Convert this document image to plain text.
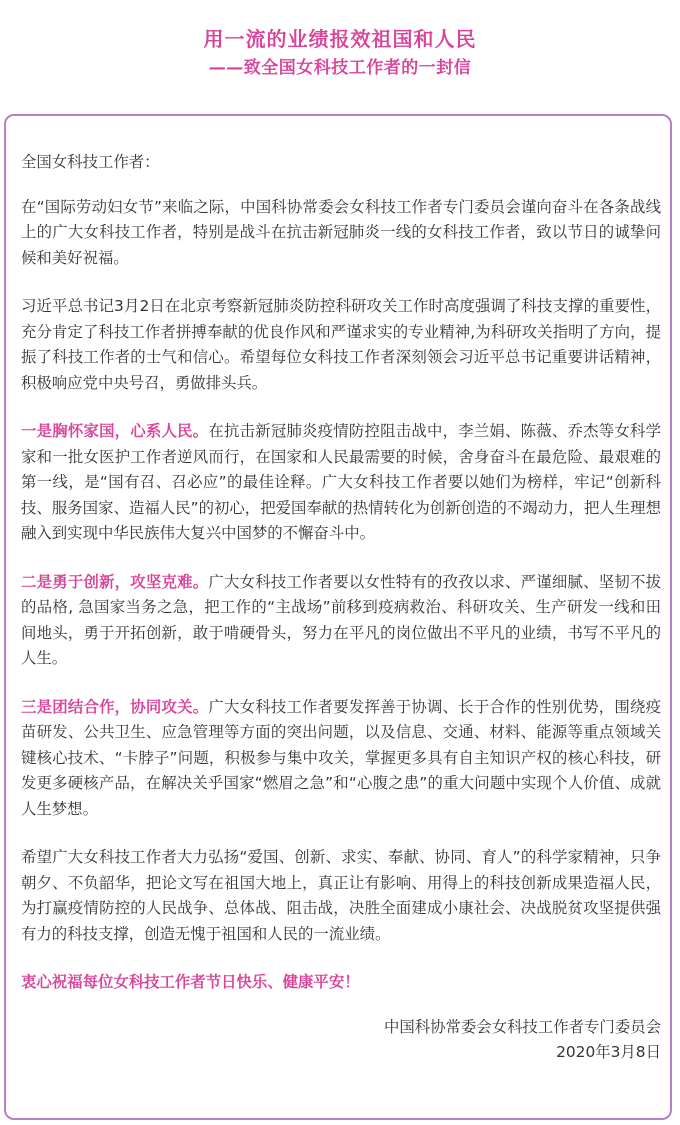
用一流的业绩报效祖国和人民
——致全国女科技工作者的一封信

全国女科技工作者：

在“国际劳动妇女节”来临之际，中国科协常委会女科技工作者专门委员会谨向奋斗在各条战线上的广大女科技工作者，特别是战斗在抗击新冠肺炎一线的女科技工作者，致以节日的诚挚问候和美好祝福。

习近平总书记3月2日在北京考察新冠肺炎防控科研攻关工作时高度强调了科技支撑的重要性，充分肯定了科技工作者拼搏奉献的优良作风和严谨求实的专业精神,为科研攻关指明了方向，提振了科技工作者的士气和信心。希望每位女科技工作者深刻领会习近平总书记重要讲话精神，积极响应党中央号召，勇做排头兵。

一是胸怀家国，心系人民。在抗击新冠肺炎疫情防控阻击战中，李兰娟、陈薇、乔杰等女科学家和一批女医护工作者逆风而行，在国家和人民最需要的时候，舍身奋斗在最危险、最艰难的第一线，是“国有召、召必应”的最佳诠释。广大女科技工作者要以她们为榜样，牢记“创新科技、服务国家、造福人民”的初心，把爱国奉献的热情转化为创新创造的不竭动力，把人生理想融入到实现中华民族伟大复兴中国梦的不懈奋斗中。

二是勇于创新，攻坚克难。广大女科技工作者要以女性特有的孜孜以求、严谨细腻、坚韧不拔的品格, 急国家当务之急，把工作的“主战场”前移到疫病救治、科研攻关、生产研发一线和田间地头，勇于开拓创新，敢于啃硬骨头，努力在平凡的岗位做出不平凡的业绩，书写不平凡的人生。

三是团结合作，协同攻关。广大女科技工作者要发挥善于协调、长于合作的性别优势，围绕疫苗研发、公共卫生、应急管理等方面的突出问题，以及信息、交通、材料、能源等重点领域关键核心技术、“卡脖子”问题，积极参与集中攻关，掌握更多具有自主知识产权的核心科技，研发更多硬核产品，在解决关乎国家“燃眉之急”和“心腹之患”的重大问题中实现个人价值、成就人生梦想。

希望广大女科技工作者大力弘扬“爱国、创新、求实、奉献、协同、育人”的科学家精神，只争朝夕、不负韶华，把论文写在祖国大地上，真正让有影响、用得上的科技创新成果造福人民，为打赢疫情防控的人民战争、总体战、阻击战，决胜全面建成小康社会、决战脱贫攻坚提供强有力的科技支撑，创造无愧于祖国和人民的一流业绩。

衷心祝福每位女科技工作者节日快乐、健康平安！

中国科协常委会女科技工作者专门委员会

2020年3月8日
